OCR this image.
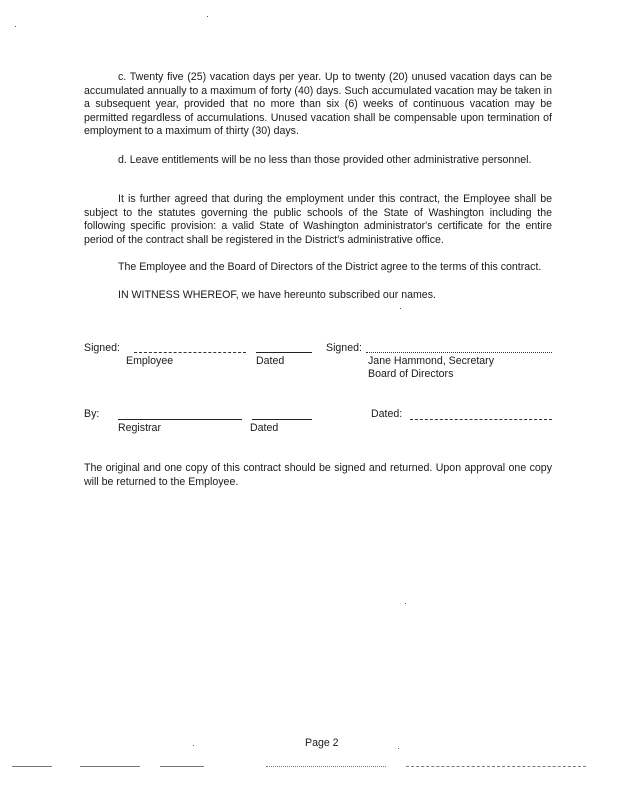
c. Twenty five (25) vacation days per year. Up to twenty (20) unused vacation days can be accumulated annually to a maximum of forty (40) days. Such accumulated vacation may be taken in a subsequent year, provided that no more than six (6) weeks of continuous vacation may be permitted regardless of accumulations. Unused vacation shall be compensable upon termination of employment to a maximum of thirty (30) days.

d. Leave entitlements will be no less than those provided other administrative personnel.

It is further agreed that during the employment under this contract, the Employee shall be subject to the statutes governing the public schools of the State of Washington including the following specific provision: a valid State of Washington administrator's certificate for the entire period of the contract shall be registered in the District's administrative office.

The Employee and the Board of Directors of the District agree to the terms of this contract.

IN WITNESS WHEREOF, we have hereunto subscribed our names.

Signed:
Employee	Dated
Signed:
Jane Hammond, Secretary
Board of Directors
By:
Registrar	Dated
Dated:

The original and one copy of this contract should be signed and returned. Upon approval one copy will be returned to the Employee.

Page 2
